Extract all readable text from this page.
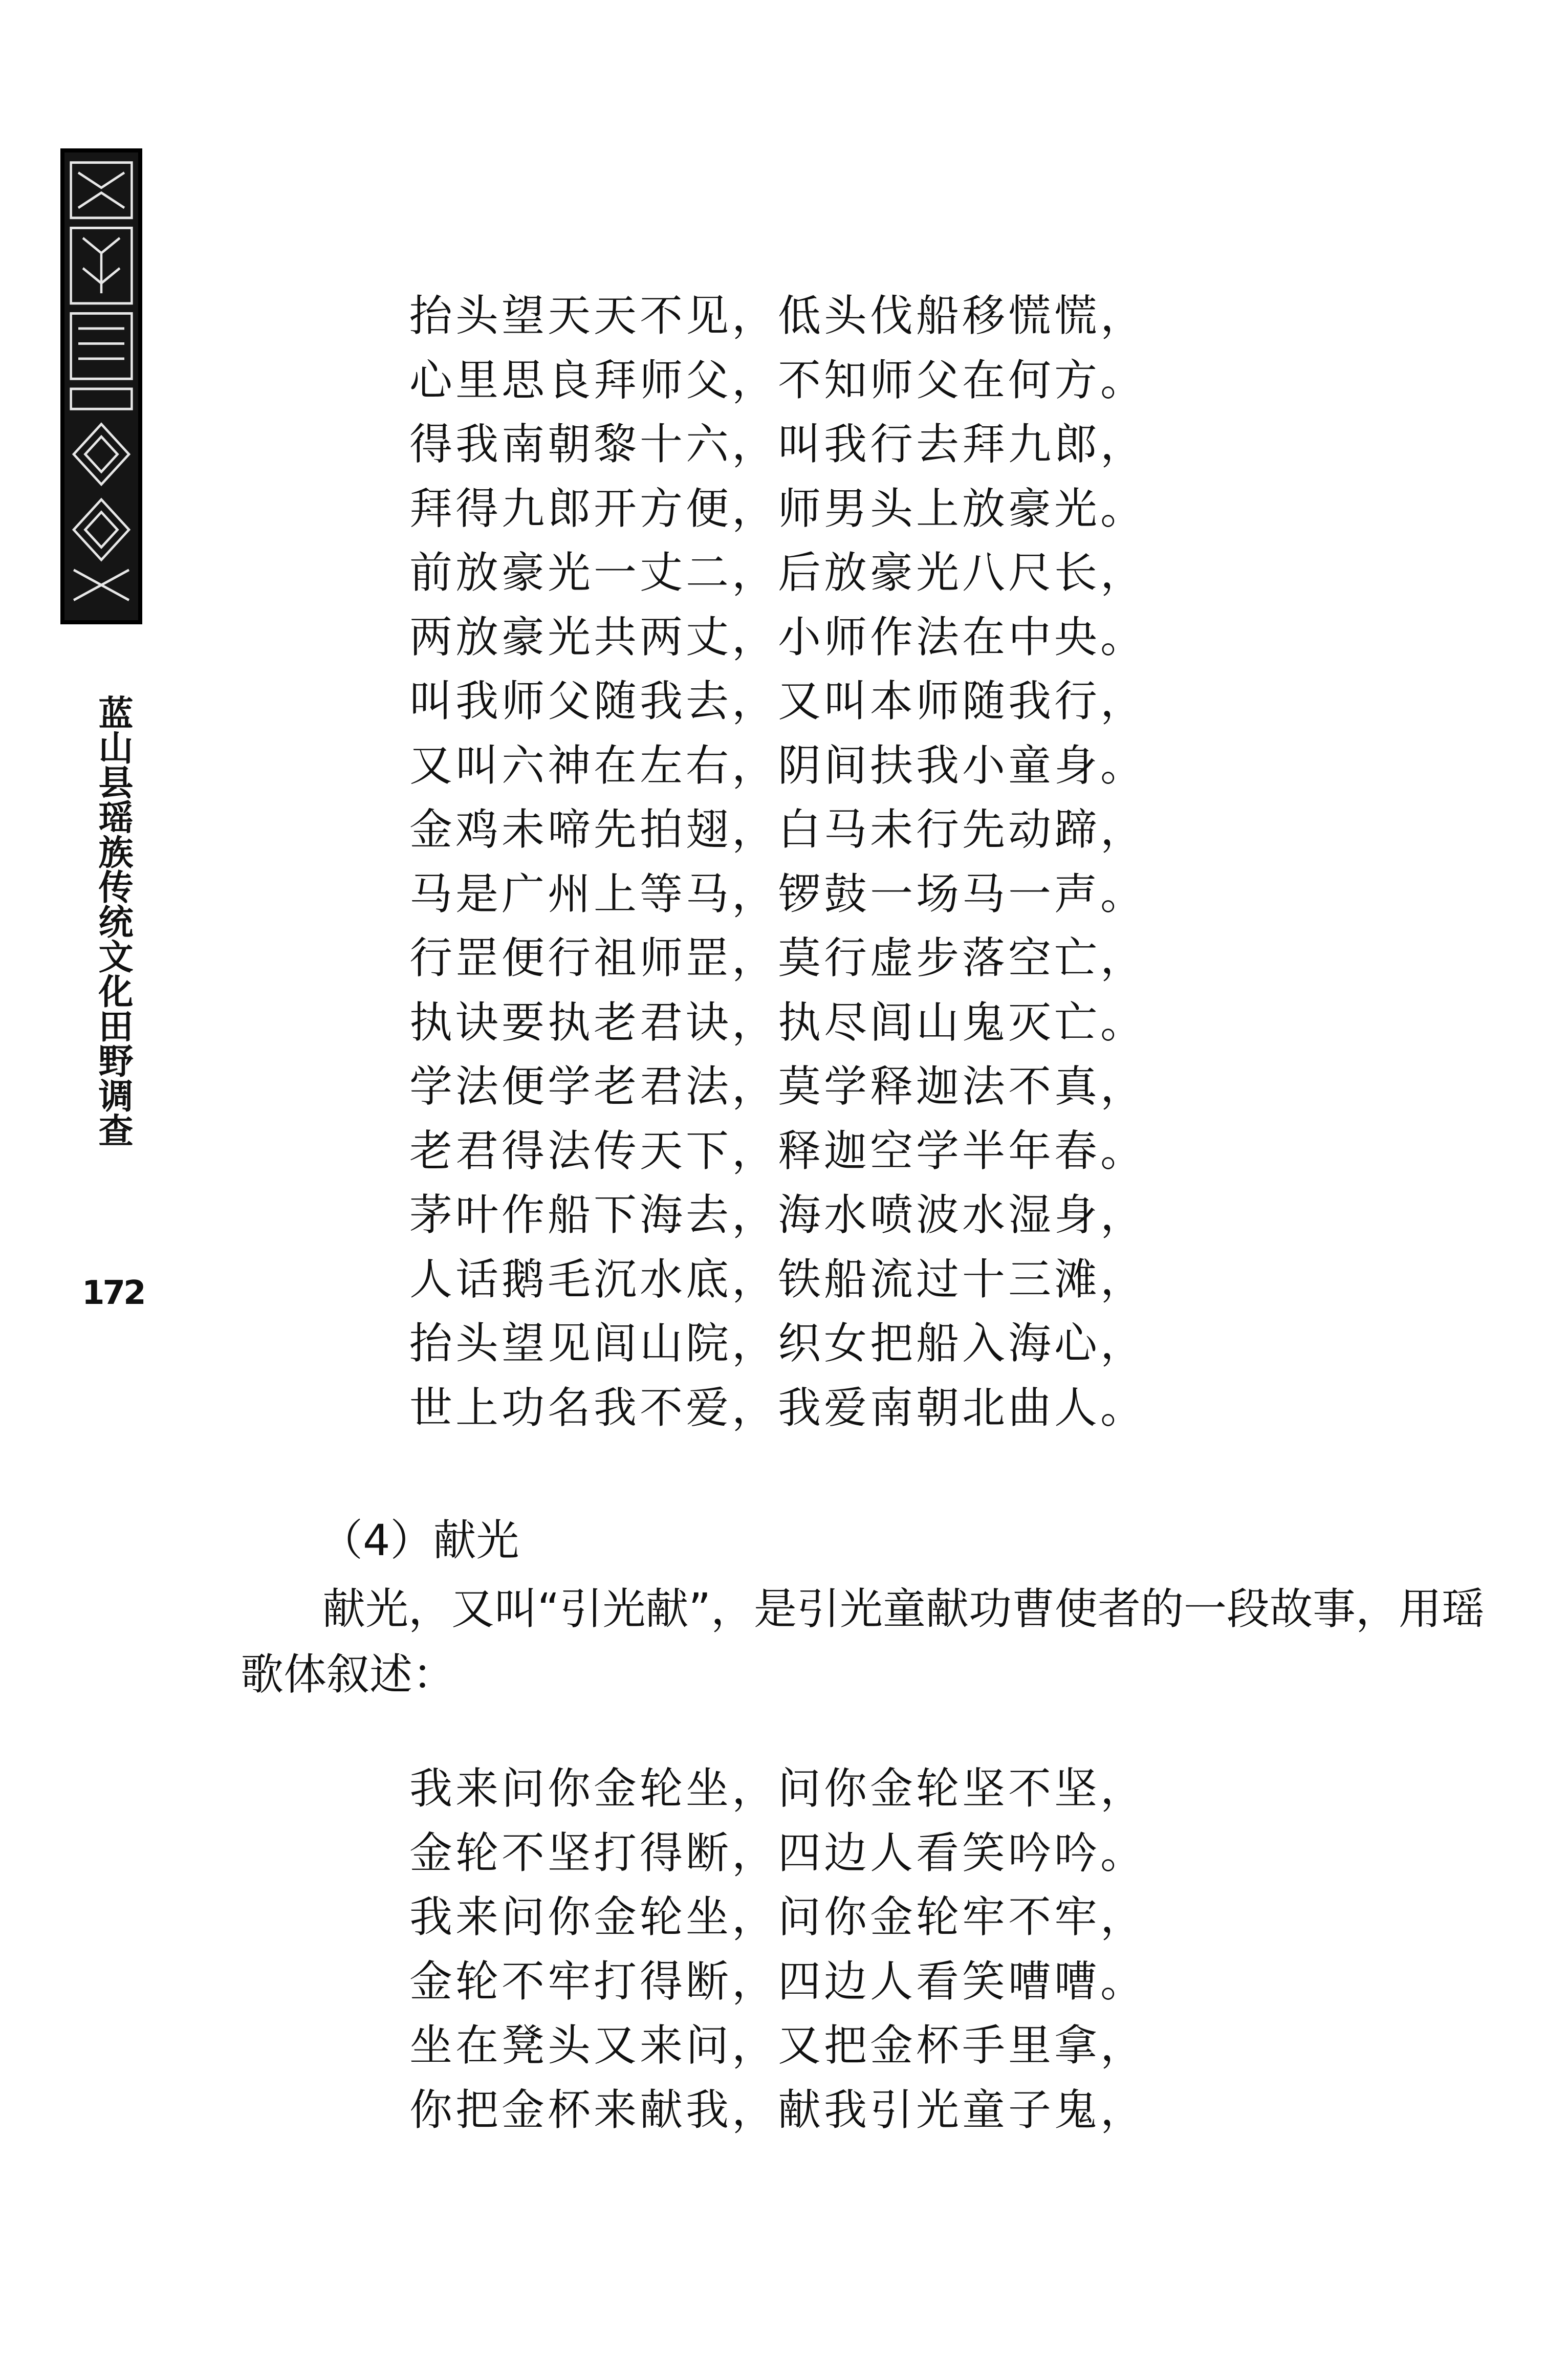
蓝山县瑶族传统文化田野调查
172
抬头望天天不见，低头伐船移慌慌，
心里思良拜师父，不知师父在何方。
得我南朝黎十六，叫我行去拜九郎，
拜得九郎开方便，师男头上放豪光。
前放豪光一丈二，后放豪光八尺长，
两放豪光共两丈，小师作法在中央。
叫我师父随我去，又叫本师随我行，
又叫六神在左右，阴间扶我小童身。
金鸡未啼先拍翅，白马未行先动蹄，
马是广州上等马，锣鼓一场马一声。
行罡便行祖师罡，莫行虚步落空亡，
执诀要执老君诀，执尽闾山鬼灭亡。
学法便学老君法，莫学释迦法不真，
老君得法传天下，释迦空学半年春。
茅叶作船下海去，海水喷波水湿身，
人话鹅毛沉水底，铁船流过十三滩，
抬头望见闾山院，织女把船入海心，
世上功名我不爱，我爱南朝北曲人。
（4）献光
献光，又叫“引光献”，是引光童献功曹使者的一段故事，用瑶歌体叙述：
我来问你金轮坐，问你金轮坚不坚，
金轮不坚打得断，四边人看笑吟吟。
我来问你金轮坐，问你金轮牢不牢，
金轮不牢打得断，四边人看笑嘈嘈。
坐在凳头又来问，又把金杯手里拿，
你把金杯来献我，献我引光童子鬼，
